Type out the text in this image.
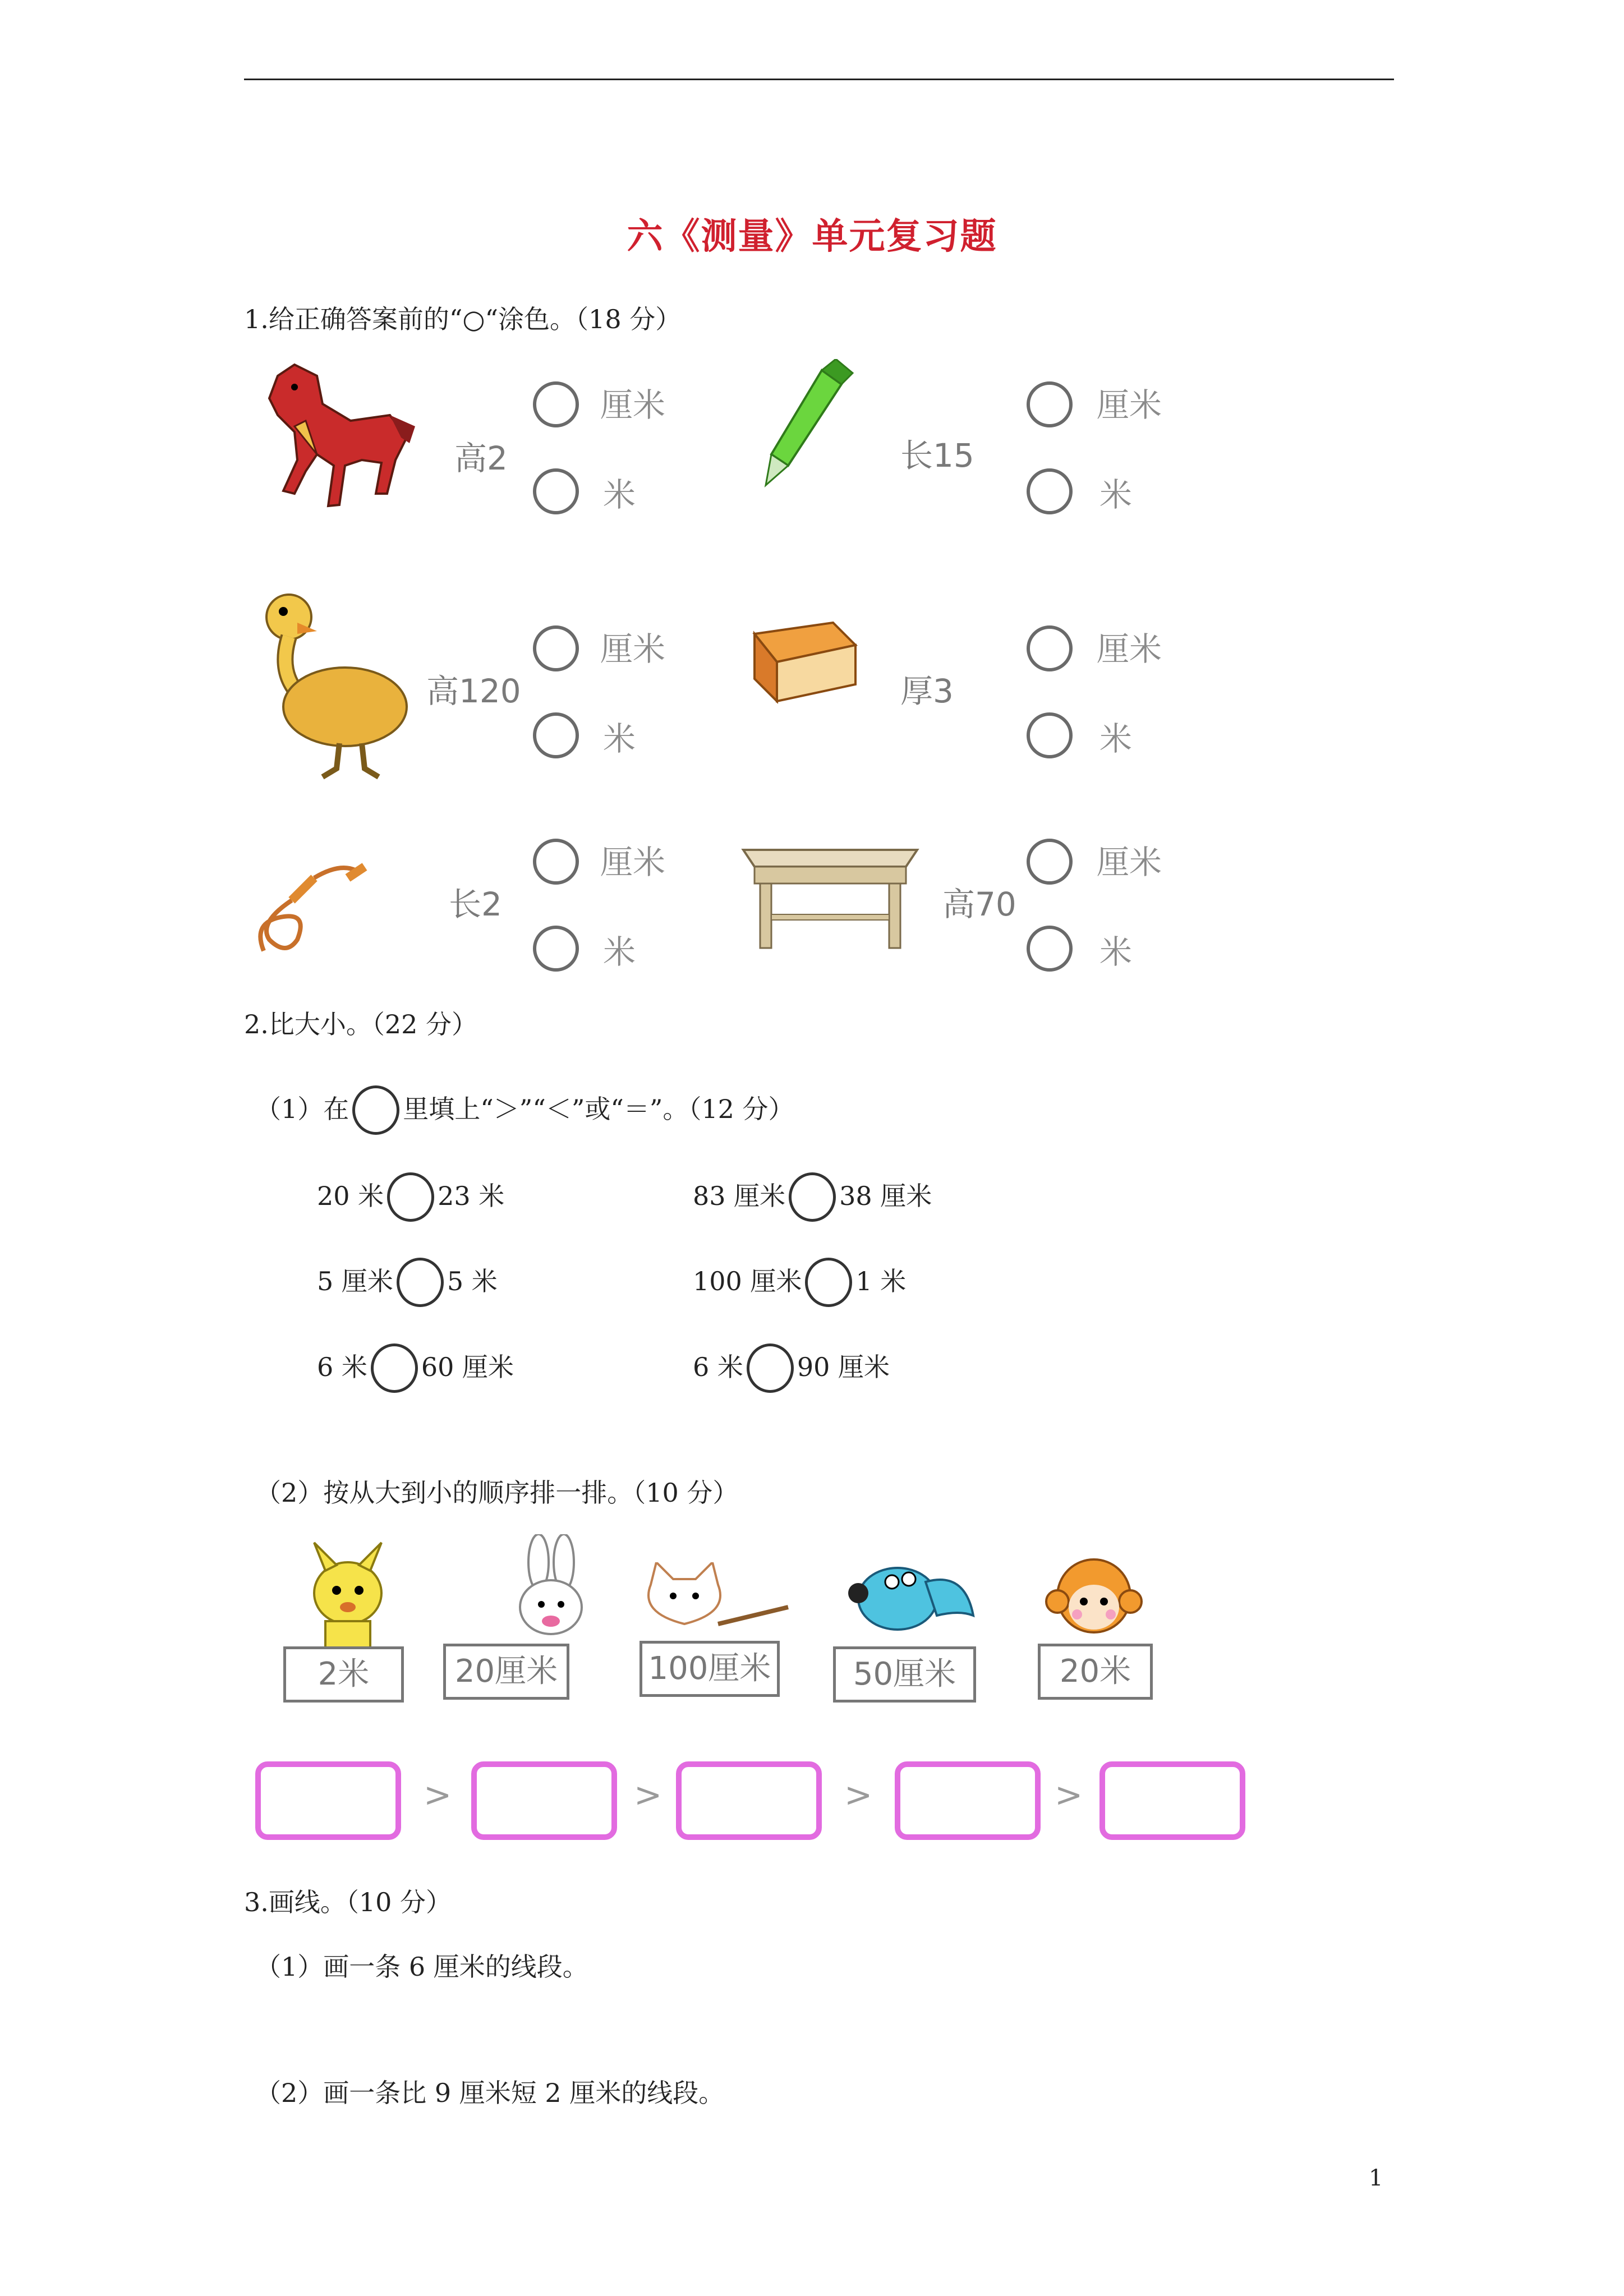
六《测量》单元复习题
1.给正确答案前的“○“涂色。（18 分）
高2
厘米
米
长15
厘米
米
高120
厘米
米
厚3
厘米
米
长2
厘米
米
高70
厘米
米
2.比大小。（22 分）
（1）在 里填上“＞”“＜”或“＝”。（12 分）
20 米 23 米	83 厘米 38 厘米
5 厘米 5 米	100 厘米 1 米
6 米 60 厘米	6 米 90 厘米
（2）按从大到小的顺序排一排。（10 分）
2米	20厘米	100厘米	50厘米	20米
>	>	>	>
3.画线。（10 分）
（1）画一条 6 厘米的线段。
（2）画一条比 9 厘米短 2 厘米的线段。
1
